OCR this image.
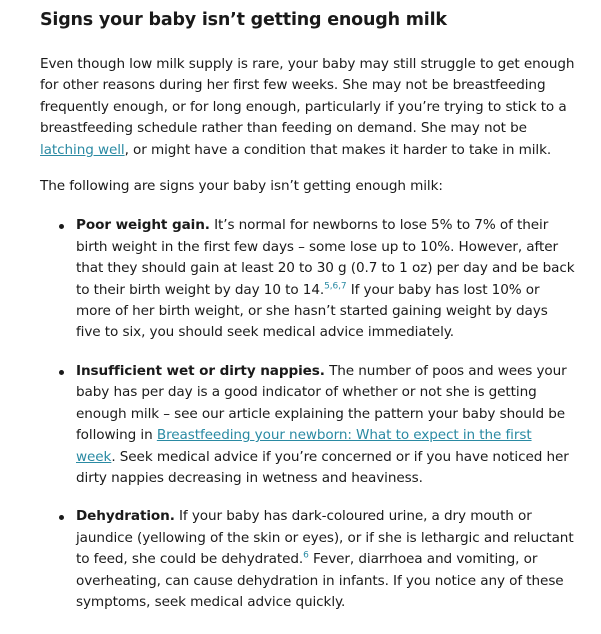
Signs your baby isn’t getting enough milk

Even though low milk supply is rare, your baby may still struggle to get enough for other reasons during her first few weeks. She may not be breastfeeding frequently enough, or for long enough, particularly if you’re trying to stick to a breastfeeding schedule rather than feeding on demand. She may not be latching well, or might have a condition that makes it harder to take in milk.

The following are signs your baby isn’t getting enough milk:

Poor weight gain. It’s normal for newborns to lose 5% to 7% of their birth weight in the first few days – some lose up to 10%. However, after that they should gain at least 20 to 30 g (0.7 to 1 oz) per day and be back to their birth weight by day 10 to 14.$^{5,6,7}$ If your baby has lost 10% or more of her birth weight, or she hasn’t started gaining weight by days five to six, you should seek medical advice immediately.
Insufficient wet or dirty nappies. The number of poos and wees your baby has per day is a good indicator of whether or not she is getting enough milk – see our article explaining the pattern your baby should be following in Breastfeeding your newborn: What to expect in the first week. Seek medical advice if you’re concerned or if you have noticed her dirty nappies decreasing in wetness and heaviness.
Dehydration. If your baby has dark-coloured urine, a dry mouth or jaundice (yellowing of the skin or eyes), or if she is lethargic and reluctant to feed, she could be dehydrated.$^6$ Fever, diarrhoea and vomiting, or overheating, can cause dehydration in infants. If you notice any of these symptoms, seek medical advice quickly.
